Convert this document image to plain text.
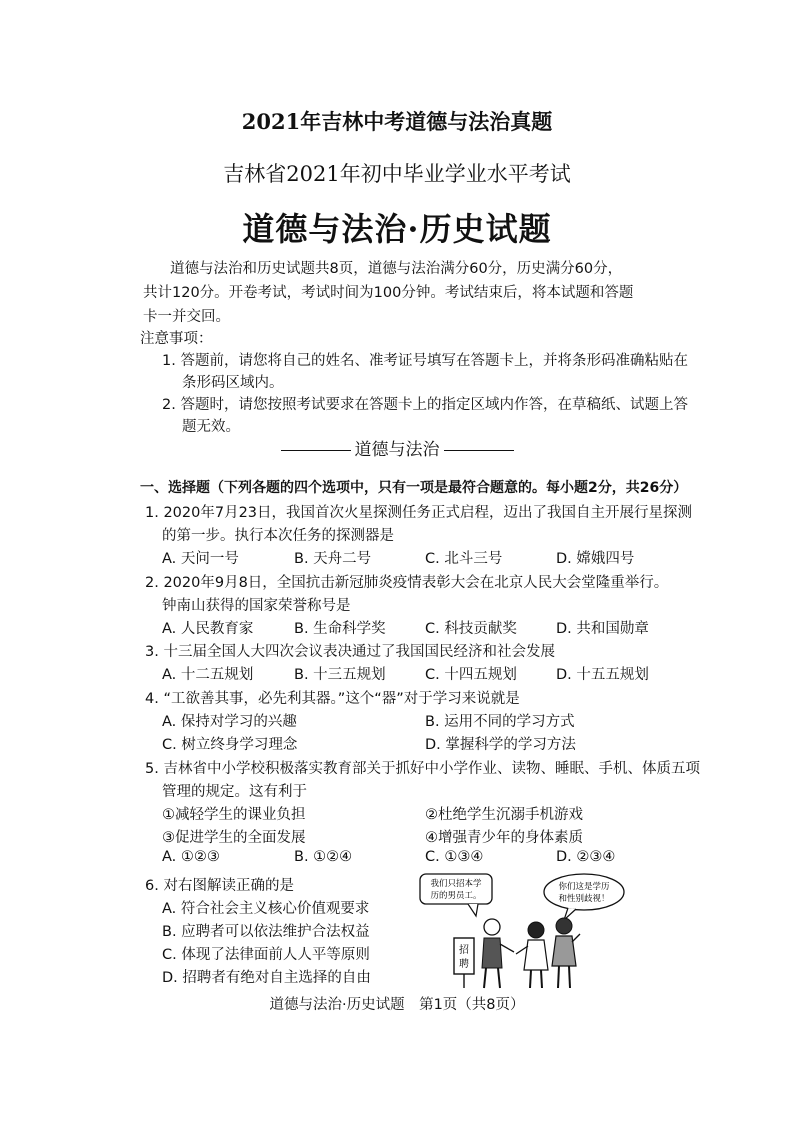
2021年吉林中考道德与法治真题
吉林省2021年初中毕业学业水平考试
道德与法治·历史试题
道德与法治和历史试题共8页，道德与法治满分60分，历史满分60分，
共计120分。开卷考试，考试时间为100分钟。考试结束后，将本试题和答题
卡一并交回。
注意事项：
1. 答题前，请您将自己的姓名、准考证号填写在答题卡上，并将条形码准确粘贴在
条形码区域内。
2. 答题时，请您按照考试要求在答题卡上的指定区域内作答，在草稿纸、试题上答
题无效。
道德与法治
一、选择题（下列各题的四个选项中，只有一项是最符合题意的。每小题2分，共26分）
1. 2020年7月23日，我国首次火星探测任务正式启程，迈出了我国自主开展行星探测
的第一步。执行本次任务的探测器是
A. 天问一号	B. 天舟二号	C. 北斗三号	D. 嫦娥四号
2. 2020年9月8日，全国抗击新冠肺炎疫情表彰大会在北京人民大会堂隆重举行。
钟南山获得的国家荣誉称号是
A. 人民教育家	B. 生命科学奖	C. 科技贡献奖	D. 共和国勋章
3. 十三届全国人大四次会议表决通过了我国国民经济和社会发展
A. 十二五规划	B. 十三五规划	C. 十四五规划	D. 十五五规划
4. “工欲善其事，必先利其器。”这个“器”对于学习来说就是
A. 保持对学习的兴趣	B. 运用不同的学习方式
C. 树立终身学习理念	D. 掌握科学的学习方法
5. 吉林省中小学校积极落实教育部关于抓好中小学作业、读物、睡眠、手机、体质五项
管理的规定。这有利于
①减轻学生的课业负担	②杜绝学生沉溺手机游戏
③促进学生的全面发展	④增强青少年的身体素质
A. ①②③	B. ①②④	C. ①③④	D. ②③④
6. 对右图解读正确的是
A. 符合社会主义核心价值观要求
B. 应聘者可以依法维护合法权益
C. 体现了法律面前人人平等原则
D. 招聘者有绝对自主选择的自由
我们只招本学
历的男员工。
你们这是学历
和性别歧视！
招
聘
道德与法治·历史试题　第1页（共8页）
